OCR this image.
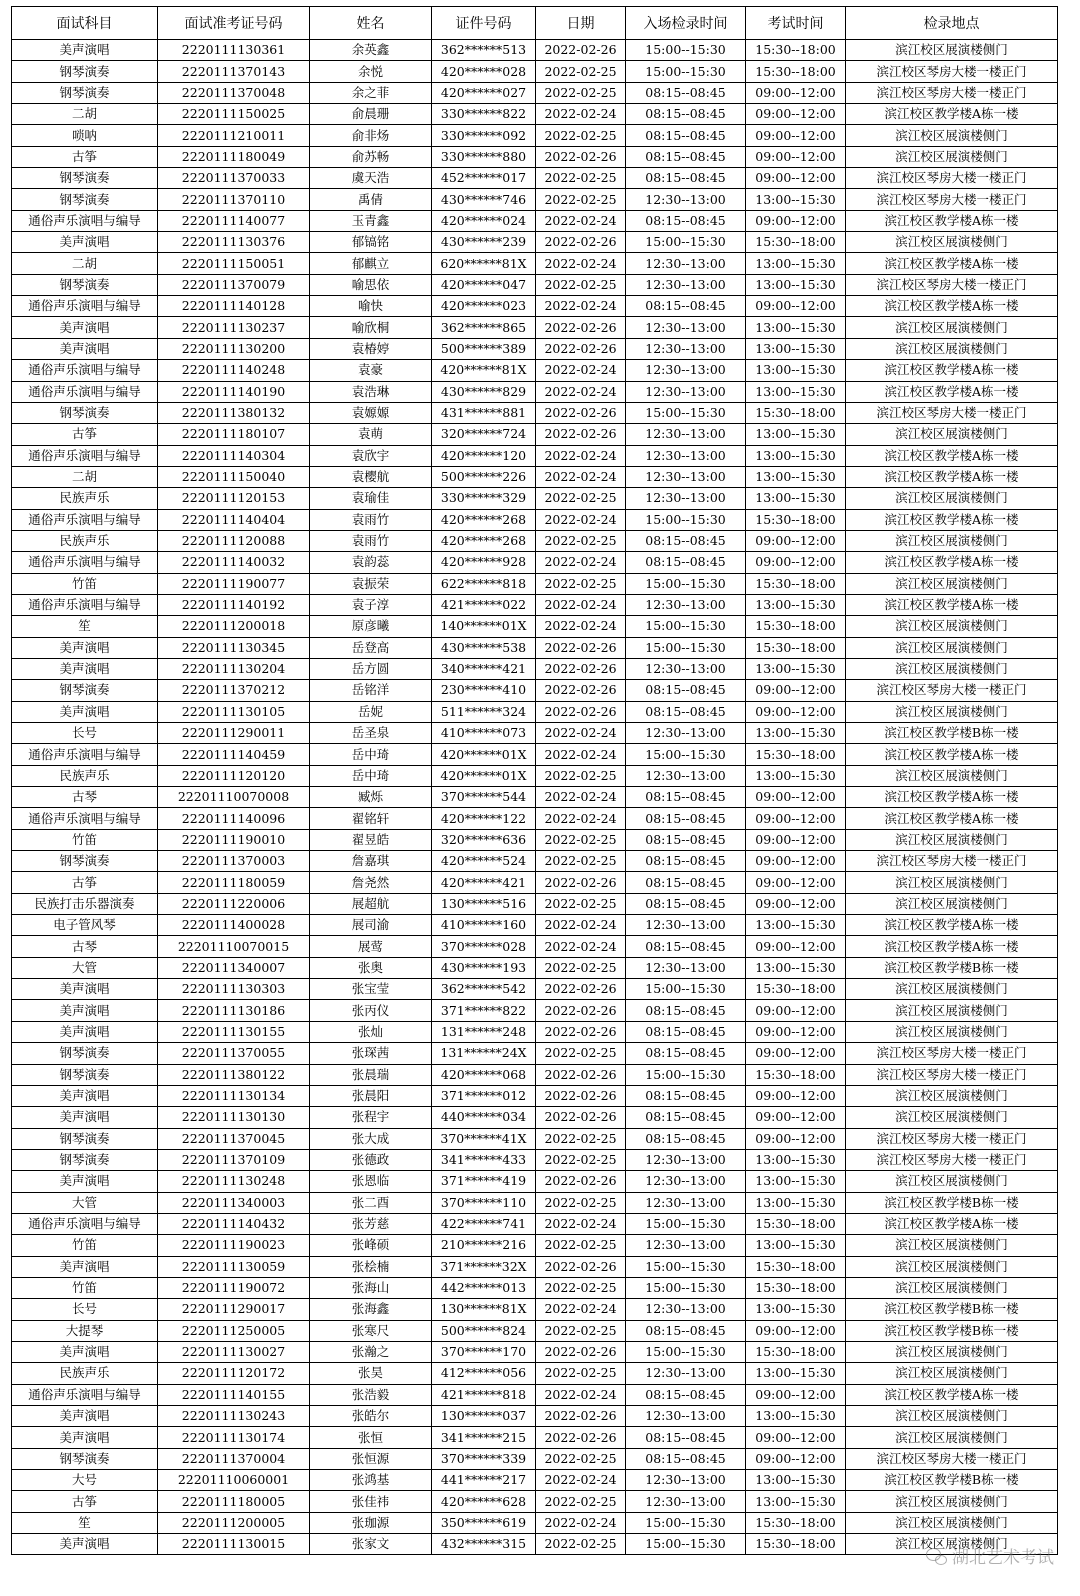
面试科目	面试准考证号码	姓名	证件号码	日期	入场检录时间	考试时间	检录地点
美声演唱	2220111130361	余英鑫	362******513	2022-02-26	15:00--15:30	15:30--18:00	滨江校区展演楼侧门
钢琴演奏	2220111370143	余悦	420******028	2022-02-25	15:00--15:30	15:30--18:00	滨江校区琴房大楼一楼正门
钢琴演奏	2220111370048	余之菲	420******027	2022-02-25	08:15--08:45	09:00--12:00	滨江校区琴房大楼一楼正门
二胡	2220111150025	俞晨珊	330******822	2022-02-24	08:15--08:45	09:00--12:00	滨江校区教学楼A栋一楼
唢呐	2220111210011	俞非炀	330******092	2022-02-25	08:15--08:45	09:00--12:00	滨江校区展演楼侧门
古筝	2220111180049	俞苏畅	330******880	2022-02-26	08:15--08:45	09:00--12:00	滨江校区展演楼侧门
钢琴演奏	2220111370033	虞天浩	452******017	2022-02-25	08:15--08:45	09:00--12:00	滨江校区琴房大楼一楼正门
钢琴演奏	2220111370110	禹倩	430******746	2022-02-25	12:30--13:00	13:00--15:30	滨江校区琴房大楼一楼正门
通俗声乐演唱与编导	2220111140077	玉青鑫	420******024	2022-02-24	08:15--08:45	09:00--12:00	滨江校区教学楼A栋一楼
美声演唱	2220111130376	郁镐铭	430******239	2022-02-26	15:00--15:30	15:30--18:00	滨江校区展演楼侧门
二胡	2220111150051	郁麒立	620******81X	2022-02-24	12:30--13:00	13:00--15:30	滨江校区教学楼A栋一楼
钢琴演奏	2220111370079	喻思依	420******047	2022-02-25	12:30--13:00	13:00--15:30	滨江校区琴房大楼一楼正门
通俗声乐演唱与编导	2220111140128	喻快	420******023	2022-02-24	08:15--08:45	09:00--12:00	滨江校区教学楼A栋一楼
美声演唱	2220111130237	喻欣桐	362******865	2022-02-26	12:30--13:00	13:00--15:30	滨江校区展演楼侧门
美声演唱	2220111130200	袁椿婷	500******389	2022-02-26	12:30--13:00	13:00--15:30	滨江校区展演楼侧门
通俗声乐演唱与编导	2220111140248	袁豪	420******81X	2022-02-24	12:30--13:00	13:00--15:30	滨江校区教学楼A栋一楼
通俗声乐演唱与编导	2220111140190	袁浩琳	430******829	2022-02-24	12:30--13:00	13:00--15:30	滨江校区教学楼A栋一楼
钢琴演奏	2220111380132	袁嫄嫄	431******881	2022-02-26	15:00--15:30	15:30--18:00	滨江校区琴房大楼一楼正门
古筝	2220111180107	袁萌	320******724	2022-02-26	12:30--13:00	13:00--15:30	滨江校区展演楼侧门
通俗声乐演唱与编导	2220111140304	袁欣宇	420******120	2022-02-24	12:30--13:00	13:00--15:30	滨江校区教学楼A栋一楼
二胡	2220111150040	袁樱航	500******226	2022-02-24	12:30--13:00	13:00--15:30	滨江校区教学楼A栋一楼
民族声乐	2220111120153	袁瑜佳	330******329	2022-02-25	12:30--13:00	13:00--15:30	滨江校区展演楼侧门
通俗声乐演唱与编导	2220111140404	袁雨竹	420******268	2022-02-24	15:00--15:30	15:30--18:00	滨江校区教学楼A栋一楼
民族声乐	2220111120088	袁雨竹	420******268	2022-02-25	08:15--08:45	09:00--12:00	滨江校区展演楼侧门
通俗声乐演唱与编导	2220111140032	袁韵蕊	420******928	2022-02-24	08:15--08:45	09:00--12:00	滨江校区教学楼A栋一楼
竹笛	2220111190077	袁振荣	622******818	2022-02-25	15:00--15:30	15:30--18:00	滨江校区展演楼侧门
通俗声乐演唱与编导	2220111140192	袁子淳	421******022	2022-02-24	12:30--13:00	13:00--15:30	滨江校区教学楼A栋一楼
笙	2220111200018	原彦曦	140******01X	2022-02-24	15:00--15:30	15:30--18:00	滨江校区展演楼侧门
美声演唱	2220111130345	岳登高	430******538	2022-02-26	15:00--15:30	15:30--18:00	滨江校区展演楼侧门
美声演唱	2220111130204	岳方圆	340******421	2022-02-26	12:30--13:00	13:00--15:30	滨江校区展演楼侧门
钢琴演奏	2220111370212	岳铭洋	230******410	2022-02-26	08:15--08:45	09:00--12:00	滨江校区琴房大楼一楼正门
美声演唱	2220111130105	岳妮	511******324	2022-02-26	08:15--08:45	09:00--12:00	滨江校区展演楼侧门
长号	2220111290011	岳圣泉	410******073	2022-02-24	12:30--13:00	13:00--15:30	滨江校区教学楼B栋一楼
通俗声乐演唱与编导	2220111140459	岳中琦	420******01X	2022-02-24	15:00--15:30	15:30--18:00	滨江校区教学楼A栋一楼
民族声乐	2220111120120	岳中琦	420******01X	2022-02-25	12:30--13:00	13:00--15:30	滨江校区展演楼侧门
古琴	22201110070008	臧烁	370******544	2022-02-24	08:15--08:45	09:00--12:00	滨江校区教学楼A栋一楼
通俗声乐演唱与编导	2220111140096	翟铭轩	420******122	2022-02-24	08:15--08:45	09:00--12:00	滨江校区教学楼A栋一楼
竹笛	2220111190010	翟昱皓	320******636	2022-02-25	08:15--08:45	09:00--12:00	滨江校区展演楼侧门
钢琴演奏	2220111370003	詹嘉琪	420******524	2022-02-25	08:15--08:45	09:00--12:00	滨江校区琴房大楼一楼正门
古筝	2220111180059	詹尧然	420******421	2022-02-26	08:15--08:45	09:00--12:00	滨江校区展演楼侧门
民族打击乐器演奏	2220111220006	展超航	130******516	2022-02-25	08:15--08:45	09:00--12:00	滨江校区展演楼侧门
电子管风琴	2220111400028	展司渝	410******160	2022-02-24	12:30--13:00	13:00--15:30	滨江校区教学楼A栋一楼
古琴	22201110070015	展莺	370******028	2022-02-24	08:15--08:45	09:00--12:00	滨江校区教学楼A栋一楼
大管	2220111340007	张奥	430******193	2022-02-25	12:30--13:00	13:00--15:30	滨江校区教学楼B栋一楼
美声演唱	2220111130303	张宝莹	362******542	2022-02-26	15:00--15:30	15:30--18:00	滨江校区展演楼侧门
美声演唱	2220111130186	张丙仪	371******822	2022-02-26	08:15--08:45	09:00--12:00	滨江校区展演楼侧门
美声演唱	2220111130155	张灿	131******248	2022-02-26	08:15--08:45	09:00--12:00	滨江校区展演楼侧门
钢琴演奏	2220111370055	张琛茜	131******24X	2022-02-25	08:15--08:45	09:00--12:00	滨江校区琴房大楼一楼正门
钢琴演奏	2220111380122	张晨瑞	420******068	2022-02-26	15:00--15:30	15:30--18:00	滨江校区琴房大楼一楼正门
美声演唱	2220111130134	张晨阳	371******012	2022-02-26	08:15--08:45	09:00--12:00	滨江校区展演楼侧门
美声演唱	2220111130130	张程宇	440******034	2022-02-26	08:15--08:45	09:00--12:00	滨江校区展演楼侧门
钢琴演奏	2220111370045	张大成	370******41X	2022-02-25	08:15--08:45	09:00--12:00	滨江校区琴房大楼一楼正门
钢琴演奏	2220111370109	张德政	341******433	2022-02-25	12:30--13:00	13:00--15:30	滨江校区琴房大楼一楼正门
美声演唱	2220111130248	张恩临	371******419	2022-02-26	12:30--13:00	13:00--15:30	滨江校区展演楼侧门
大管	2220111340003	张二酉	370******110	2022-02-25	12:30--13:00	13:00--15:30	滨江校区教学楼B栋一楼
通俗声乐演唱与编导	2220111140432	张芳慈	422******741	2022-02-24	15:00--15:30	15:30--18:00	滨江校区教学楼A栋一楼
竹笛	2220111190023	张峰硕	210******216	2022-02-25	12:30--13:00	13:00--15:30	滨江校区展演楼侧门
美声演唱	2220111130059	张桧楠	371******32X	2022-02-26	15:00--15:30	15:30--18:00	滨江校区展演楼侧门
竹笛	2220111190072	张海山	442******013	2022-02-25	15:00--15:30	15:30--18:00	滨江校区展演楼侧门
长号	2220111290017	张海鑫	130******81X	2022-02-24	12:30--13:00	13:00--15:30	滨江校区教学楼B栋一楼
大提琴	2220111250005	张寒尺	500******824	2022-02-25	08:15--08:45	09:00--12:00	滨江校区教学楼B栋一楼
美声演唱	2220111130027	张瀚之	370******170	2022-02-26	15:00--15:30	15:30--18:00	滨江校区展演楼侧门
民族声乐	2220111120172	张昊	412******056	2022-02-25	12:30--13:00	13:00--15:30	滨江校区展演楼侧门
通俗声乐演唱与编导	2220111140155	张浩毅	421******818	2022-02-24	08:15--08:45	09:00--12:00	滨江校区教学楼A栋一楼
美声演唱	2220111130243	张皓尔	130******037	2022-02-26	12:30--13:00	13:00--15:30	滨江校区展演楼侧门
美声演唱	2220111130174	张恒	341******215	2022-02-26	08:15--08:45	09:00--12:00	滨江校区展演楼侧门
钢琴演奏	2220111370004	张恒源	370******339	2022-02-25	08:15--08:45	09:00--12:00	滨江校区琴房大楼一楼正门
大号	22201110060001	张鸿基	441******217	2022-02-24	12:30--13:00	13:00--15:30	滨江校区教学楼B栋一楼
古筝	2220111180005	张佳祎	420******628	2022-02-25	12:30--13:00	13:00--15:30	滨江校区展演楼侧门
笙	2220111200005	张珈源	350******619	2022-02-24	15:00--15:30	15:30--18:00	滨江校区展演楼侧门
美声演唱	2220111130015	张家文	432******315	2022-02-25	15:00--15:30	15:30--18:00	滨江校区展演楼侧门
湖北艺术考试
